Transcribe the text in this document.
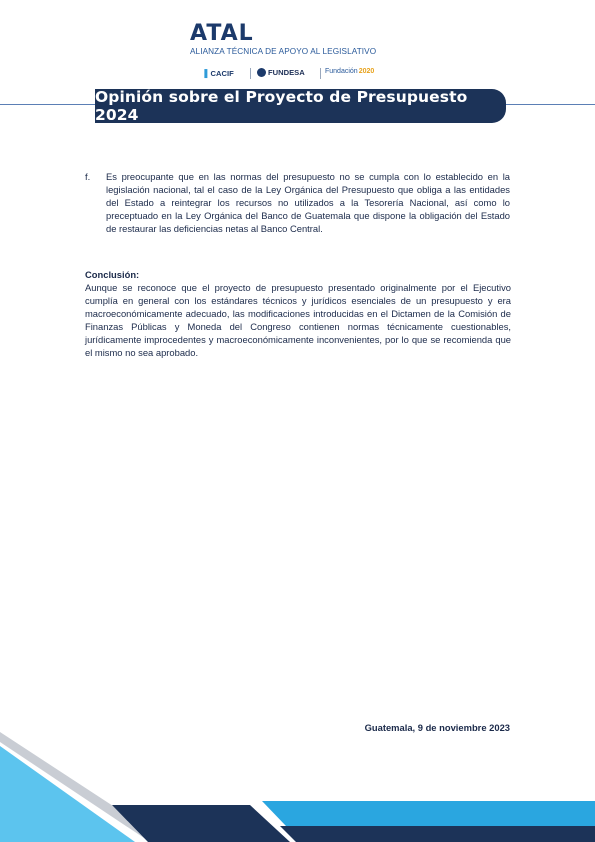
ATAL
ALIANZA TÉCNICA DE APOYO AL LEGISLATIVO
❚ CACIF	FUNDESA	Fundación 2020
Opinión sobre el Proyecto de Presupuesto 2024
f. Es preocupante que en las normas del presupuesto no se cumpla con lo establecido en la legislación nacional, tal el caso de la Ley Orgánica del Presupuesto que obliga a las entidades del Estado a reintegrar los recursos no utilizados a la Tesorería Nacional, así como lo preceptuado en la Ley Orgánica del Banco de Guatemala que dispone la obligación del Estado de restaurar las deficiencias netas al Banco Central.
Conclusión:
Aunque se reconoce que el proyecto de presupuesto presentado originalmente por el Ejecutivo cumplía en general con los estándares técnicos y jurídicos esenciales de un presupuesto y era macroeconómicamente adecuado, las modificaciones introducidas en el Dictamen de la Comisión de Finanzas Públicas y Moneda del Congreso contienen normas técnicamente cuestionables, jurídicamente improcedentes y macroeconómicamente inconvenientes, por lo que se recomienda que el mismo no sea aprobado.
Guatemala, 9 de noviembre 2023
